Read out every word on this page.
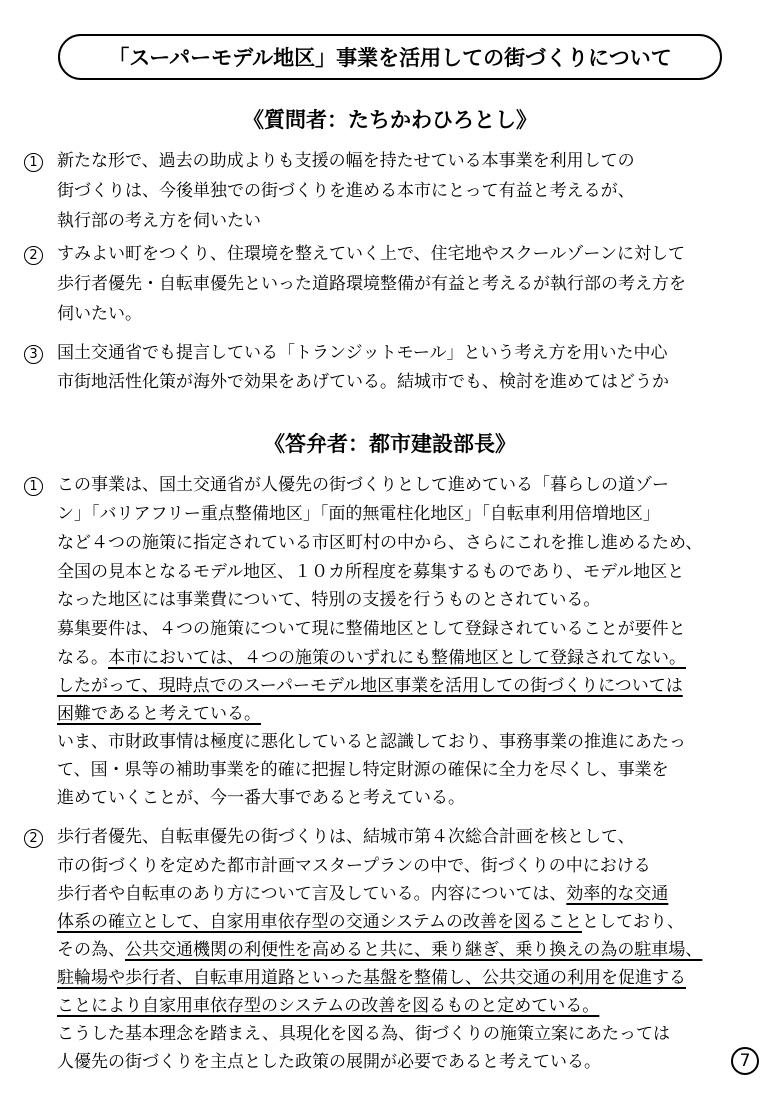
「スーパーモデル地区」事業を活用しての街づくりについて
《質問者：たちかわひろとし》
1	新たな形で、過去の助成よりも支援の幅を持たせている本事業を利用しての
街づくりは、今後単独での街づくりを進める本市にとって有益と考えるが、
執行部の考え方を伺いたい
2	すみよい町をつくり、住環境を整えていく上で、住宅地やスクールゾーンに対して
歩行者優先・自転車優先といった道路環境整備が有益と考えるが執行部の考え方を
伺いたい。
3	国土交通省でも提言している「トランジットモール」という考え方を用いた中心
市街地活性化策が海外で効果をあげている。結城市でも、検討を進めてはどうか
《答弁者：都市建設部長》
1	この事業は、国土交通省が人優先の街づくりとして進めている「暮らしの道ゾー
ン」「バリアフリー重点整備地区」「面的無電柱化地区」「自転車利用倍増地区」
など４つの施策に指定されている市区町村の中から、さらにこれを推し進めるため、
全国の見本となるモデル地区、１０カ所程度を募集するものであり、モデル地区と
なった地区には事業費について、特別の支援を行うものとされている。
募集要件は、４つの施策について現に整備地区として登録されていることが要件と
なる。本市においては、４つの施策のいずれにも整備地区として登録されてない。
したがって、現時点でのスーパーモデル地区事業を活用しての街づくりについては
困難であると考えている。
いま、市財政事情は極度に悪化していると認識しており、事務事業の推進にあたっ
て、国・県等の補助事業を的確に把握し特定財源の確保に全力を尽くし、事業を
進めていくことが、今一番大事であると考えている。
2	歩行者優先、自転車優先の街づくりは、結城市第４次総合計画を核として、
市の街づくりを定めた都市計画マスタープランの中で、街づくりの中における
歩行者や自転車のあり方について言及している。内容については、効率的な交通
体系の確立として、自家用車依存型の交通システムの改善を図ることとしており、
その為、公共交通機関の利便性を高めると共に、乗り継ぎ、乗り換えの為の駐車場、
駐輪場や歩行者、自転車用道路といった基盤を整備し、公共交通の利用を促進する
ことにより自家用車依存型のシステムの改善を図るものと定めている。
こうした基本理念を踏まえ、具現化を図る為、街づくりの施策立案にあたっては
人優先の街づくりを主点とした政策の展開が必要であると考えている。	7
